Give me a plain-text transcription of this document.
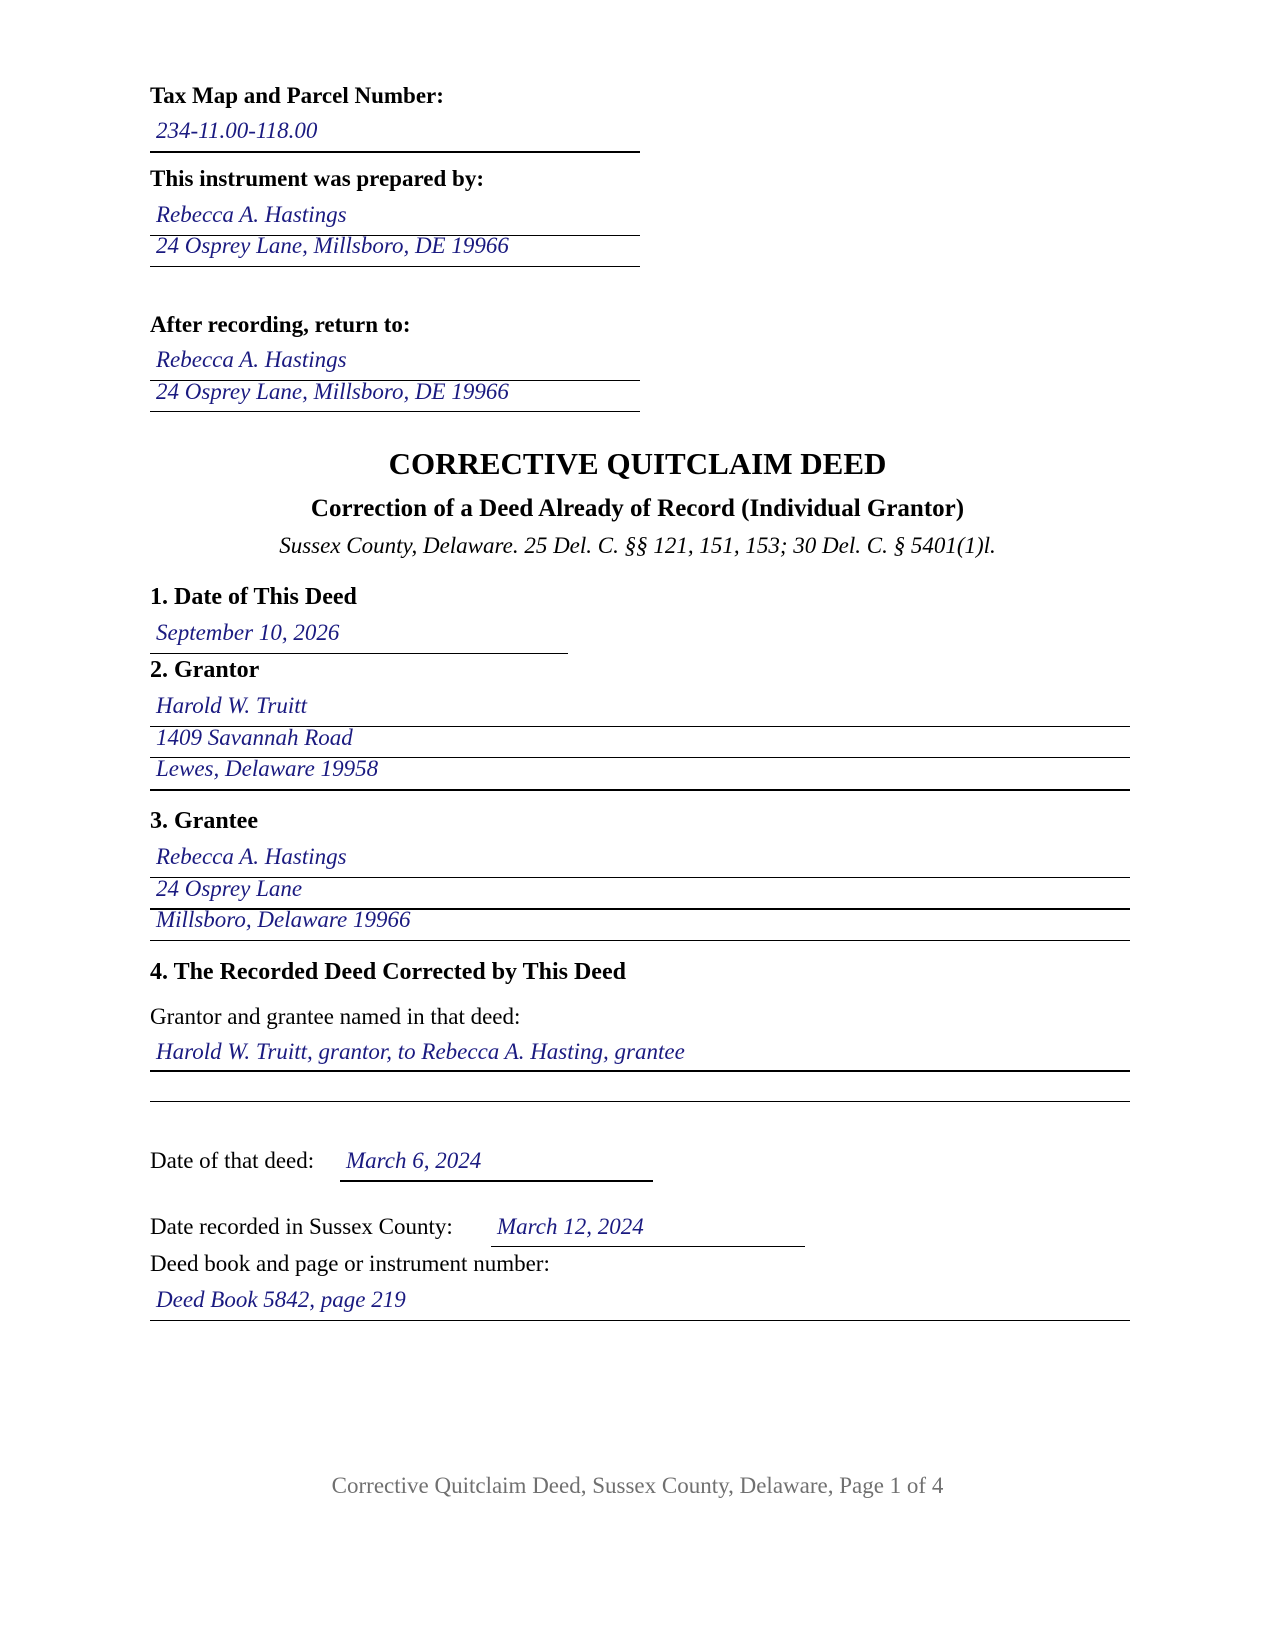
Tax Map and Parcel Number:
234-11.00-118.00
This instrument was prepared by:
Rebecca A. Hastings
24 Osprey Lane, Millsboro, DE 19966
After recording, return to:
Rebecca A. Hastings
24 Osprey Lane, Millsboro, DE 19966
CORRECTIVE QUITCLAIM DEED
Correction of a Deed Already of Record (Individual Grantor)
Sussex County, Delaware. 25 Del. C. §§ 121, 151, 153; 30 Del. C. § 5401(1)l.
1. Date of This Deed
September 10, 2026
2. Grantor
Harold W. Truitt
1409 Savannah Road
Lewes, Delaware 19958
3. Grantee
Rebecca A. Hastings
24 Osprey Lane
Millsboro, Delaware 19966
4. The Recorded Deed Corrected by This Deed
Grantor and grantee named in that deed:
Harold W. Truitt, grantor, to Rebecca A. Hasting, grantee
Date of that deed: March 6, 2024
Date recorded in Sussex County: March 12, 2024
Deed book and page or instrument number:
Deed Book 5842, page 219
Corrective Quitclaim Deed, Sussex County, Delaware, Page 1 of 4
